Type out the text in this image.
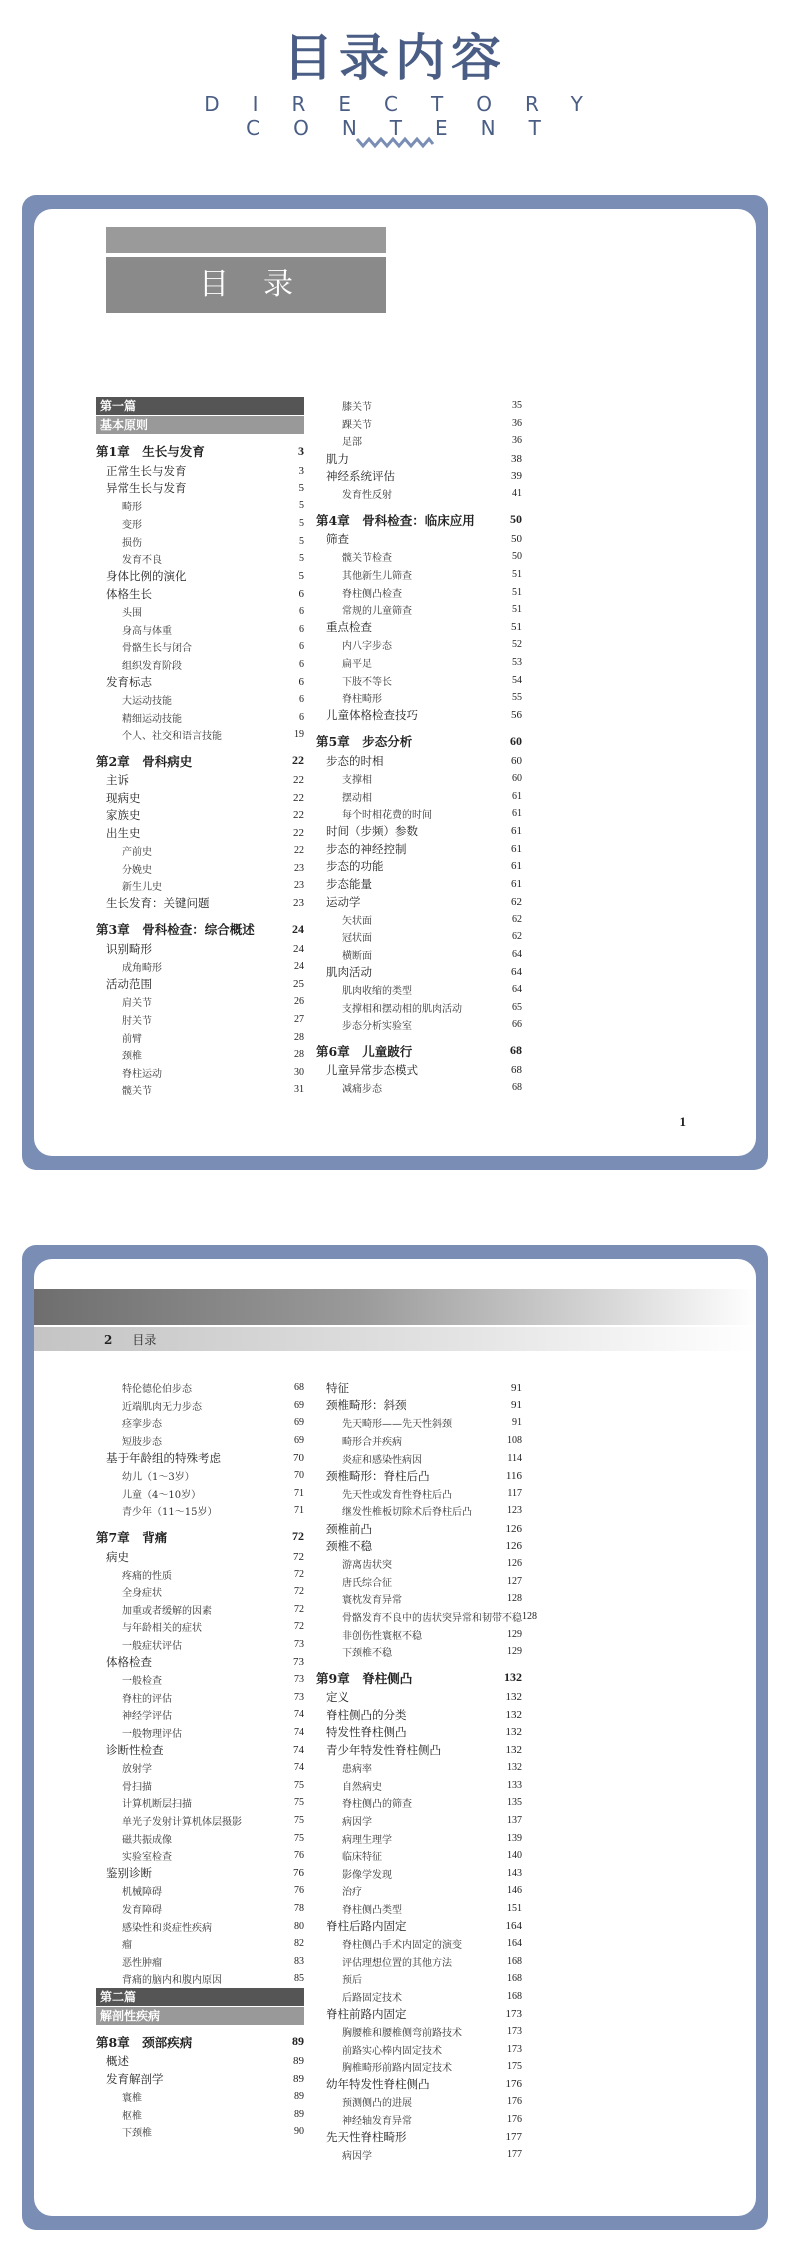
目录内容
DIRECTORY CONTENT
目录
第一篇
基本原则
第1章　生长与发育	3
正常生长与发育	3
异常生长与发育	5
畸形	5
变形	5
损伤	5
发育不良	5
身体比例的演化	5
体格生长	6
头围	6
身高与体重	6
骨骼生长与闭合	6
组织发育阶段	6
发育标志	6
大运动技能	6
精细运动技能	6
个人、社交和语言技能	19
第2章　骨科病史	22
主诉	22
现病史	22
家族史	22
出生史	22
产前史	22
分娩史	23
新生儿史	23
生长发育：关键问题	23
第3章　骨科检查：综合概述	24
识别畸形	24
成角畸形	24
活动范围	25
肩关节	26
肘关节	27
前臂	28
颈椎	28
脊柱运动	30
髋关节	31
膝关节	35
踝关节	36
足部	36
肌力	38
神经系统评估	39
发育性反射	41
第4章　骨科检查：临床应用	50
筛查	50
髋关节检查	50
其他新生儿筛查	51
脊柱侧凸检查	51
常规的儿童筛查	51
重点检查	51
内八字步态	52
扁平足	53
下肢不等长	54
脊柱畸形	55
儿童体格检查技巧	56
第5章　步态分析	60
步态的时相	60
支撑相	60
摆动相	61
每个时相花费的时间	61
时间（步频）参数	61
步态的神经控制	61
步态的功能	61
步态能量	61
运动学	62
矢状面	62
冠状面	62
横断面	64
肌肉活动	64
肌肉收缩的类型	64
支撑相和摆动相的肌肉活动	65
步态分析实验室	66
第6章　儿童跛行	68
儿童异常步态模式	68
减痛步态	68
1
2 目录
特伦德伦伯步态	68
近端肌肉无力步态	69
痉挛步态	69
短肢步态	69
基于年龄组的特殊考虑	70
幼儿（1～3岁）	70
儿童（4～10岁）	71
青少年（11～15岁）	71
第7章　背痛	72
病史	72
疼痛的性质	72
全身症状	72
加重或者缓解的因素	72
与年龄相关的症状	72
一般症状评估	73
体格检查	73
一般检查	73
脊柱的评估	73
神经学评估	74
一般物理评估	74
诊断性检查	74
放射学	74
骨扫描	75
计算机断层扫描	75
单光子发射计算机体层摄影	75
磁共振成像	75
实验室检查	76
鉴别诊断	76
机械障碍	76
发育障碍	78
感染性和炎症性疾病	80
瘤	82
恶性肿瘤	83
背痛的脑内和腹内原因	85
第二篇
解剖性疾病
第8章　颈部疾病	89
概述	89
发育解剖学	89
寰椎	89
枢椎	89
下颈椎	90
特征	91
颈椎畸形：斜颈	91
先天畸形——先天性斜颈	91
畸形合并疾病	108
炎症和感染性病因	114
颈椎畸形：脊柱后凸	116
先天性或发育性脊柱后凸	117
继发性椎板切除术后脊柱后凸	123
颈椎前凸	126
颈椎不稳	126
游离齿状突	126
唐氏综合征	127
寰枕发育异常	128
骨骼发育不良中的齿状突异常和韧带不稳 128
非创伤性寰枢不稳	129
下颈椎不稳	129
第9章　脊柱侧凸	132
定义	132
脊柱侧凸的分类	132
特发性脊柱侧凸	132
青少年特发性脊柱侧凸	132
患病率	132
自然病史	133
脊柱侧凸的筛查	135
病因学	137
病理生理学	139
临床特征	140
影像学发现	143
治疗	146
脊柱侧凸类型	151
脊柱后路内固定	164
脊柱侧凸手术内固定的演变	164
评估理想位置的其他方法	168
预后	168
后路固定技术	168
脊柱前路内固定	173
胸腰椎和腰椎侧弯前路技术	173
前路实心棒内固定技术	173
胸椎畸形前路内固定技术	175
幼年特发性脊柱侧凸	176
预测侧凸的进展	176
神经轴发育异常	176
先天性脊柱畸形	177
病因学	177
